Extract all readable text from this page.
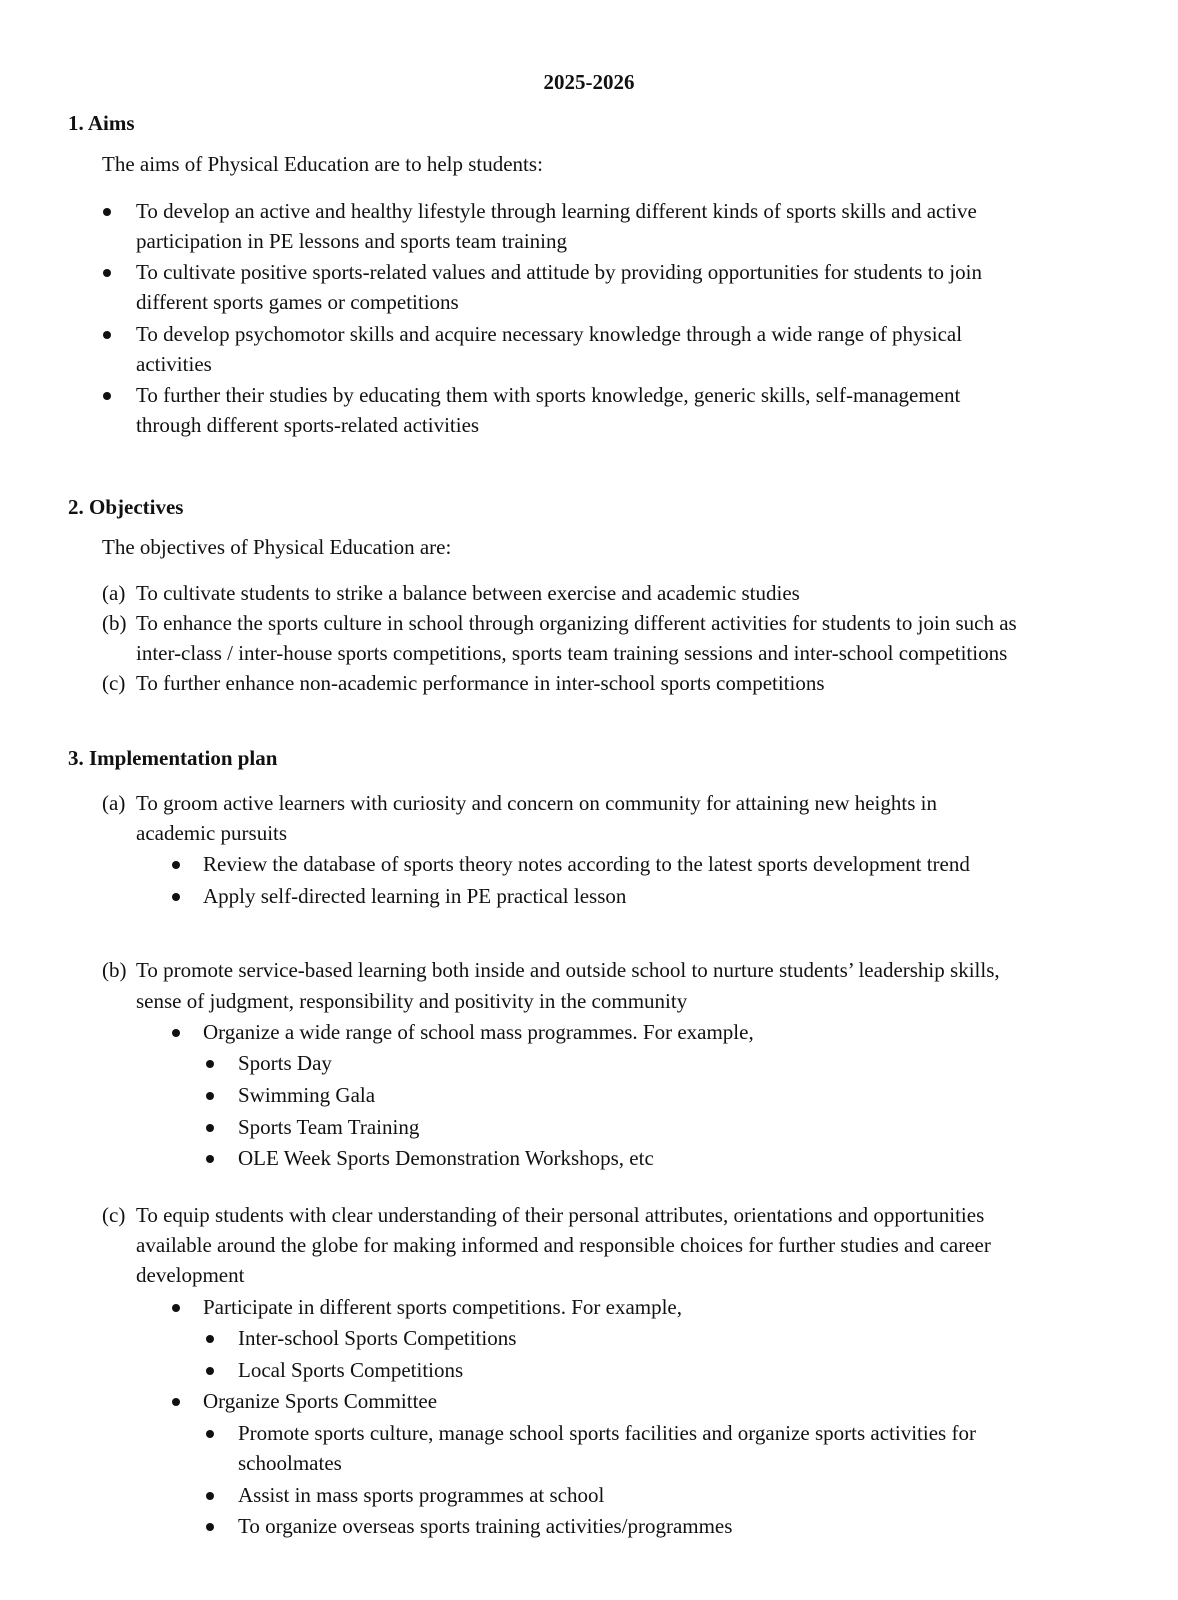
2025-2026
1. Aims
The aims of Physical Education are to help students:
To develop an active and healthy lifestyle through learning different kinds of sports skills and active
participation in PE lessons and sports team training
To cultivate positive sports-related values and attitude by providing opportunities for students to join
different sports games or competitions
To develop psychomotor skills and acquire necessary knowledge through a wide range of physical
activities
To further their studies by educating them with sports knowledge, generic skills, self-management
through different sports-related activities
2. Objectives
The objectives of Physical Education are:
(a) To cultivate students to strike a balance between exercise and academic studies
(b) To enhance the sports culture in school through organizing different activities for students to join such as
inter-class / inter-house sports competitions, sports team training sessions and inter-school competitions
(c) To further enhance non-academic performance in inter-school sports competitions
3. Implementation plan
(a) To groom active learners with curiosity and concern on community for attaining new heights in
academic pursuits
Review the database of sports theory notes according to the latest sports development trend
Apply self-directed learning in PE practical lesson
(b) To promote service-based learning both inside and outside school to nurture students’ leadership skills,
sense of judgment, responsibility and positivity in the community
Organize a wide range of school mass programmes. For example,
Sports Day
Swimming Gala
Sports Team Training
OLE Week Sports Demonstration Workshops, etc
(c) To equip students with clear understanding of their personal attributes, orientations and opportunities
available around the globe for making informed and responsible choices for further studies and career
development
Participate in different sports competitions. For example,
Inter-school Sports Competitions
Local Sports Competitions
Organize Sports Committee
Promote sports culture, manage school sports facilities and organize sports activities for
schoolmates
Assist in mass sports programmes at school
To organize overseas sports training activities/programmes
